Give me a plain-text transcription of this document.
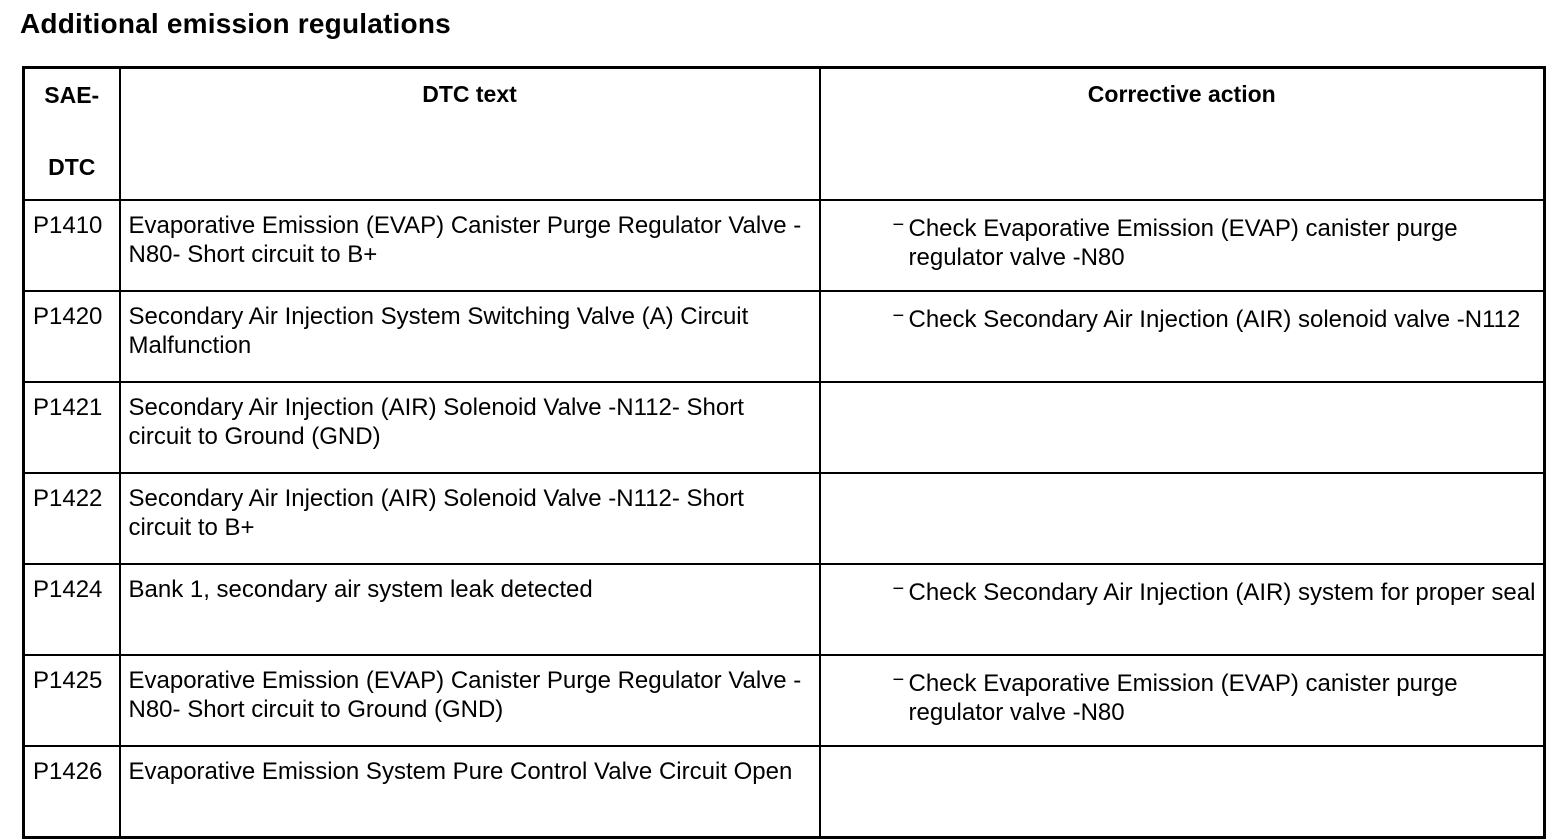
Additional emission regulations
SAE-
DTC	DTC text	Corrective action
P1410	Evaporative Emission (EVAP) Canister Purge Regulator Valve -N80- Short circuit to B+	− Check Evaporative Emission (EVAP) canister purge regulator valve -N80

P1420	Secondary Air Injection System Switching Valve (A) Circuit Malfunction	− Check Secondary Air Injection (AIR) solenoid valve -N112

P1421	Secondary Air Injection (AIR) Solenoid Valve -N112- Short circuit to Ground (GND)	

P1422	Secondary Air Injection (AIR) Solenoid Valve -N112- Short circuit to B+	

P1424	Bank 1, secondary air system leak detected	− Check Secondary Air Injection (AIR) system for proper seal

P1425	Evaporative Emission (EVAP) Canister Purge Regulator Valve -N80- Short circuit to Ground (GND)	− Check Evaporative Emission (EVAP) canister purge regulator valve -N80

P1426	Evaporative Emission System Pure Control Valve Circuit Open	
